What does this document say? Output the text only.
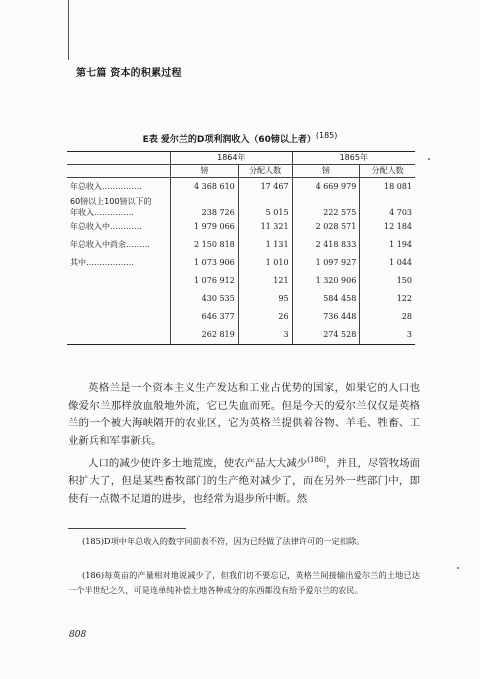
第七篇 资本的积累过程
E表 爱尔兰的D项利润收入（60镑以上者）$^{(185)}$
	1864年		1865年	
	镑	分配人数	镑	分配人数
年总收入……………	4 368 610	17 467	4 669 979	18 081

60镑以上100镑以下的
年收入……………	238 726	5 015	222 575	4 703
年总收入中…………	1 979 066	11 321	2 028 571	12 184
年总收入中尚余………	2 150 818	1 131	2 418 833	1 194
其中………………	1 073 906	1 010	1 097 927	1 044
	1 076 912	121	1 320 906	150
	430 535	95	584 458	122
	646 377	26	736 448	28
	262 819	3	274 528	3
英格兰是一个资本主义生产发达和工业占优势的国家，如果它的人口也像爱尔兰那样放血般地外流，它已失血而死。但是今天的爱尔兰仅仅是英格兰的一个被大海峡隔开的农业区，它为英格兰提供着谷物、羊毛、牲畜、工业新兵和军事新兵。
人口的减少使许多土地荒废，使农产品大大减少$^{(186)}$，并且，尽管牧场面积扩大了，但是某些畜牧部门的生产绝对减少了，而在另外一些部门中，即使有一点微不足道的进步，也经常为退步所中断。然
(185)D项中年总收入的数字同前表不符，因为已经做了法律许可的一定扣除。
(186)每英亩的产量相对地说减少了，但我们切不要忘记，英格兰间接输出爱尔兰的土地已达一个半世纪之久，可是连单纯补偿土地各种成分的东西都没有给予爱尔兰的农民。
808
